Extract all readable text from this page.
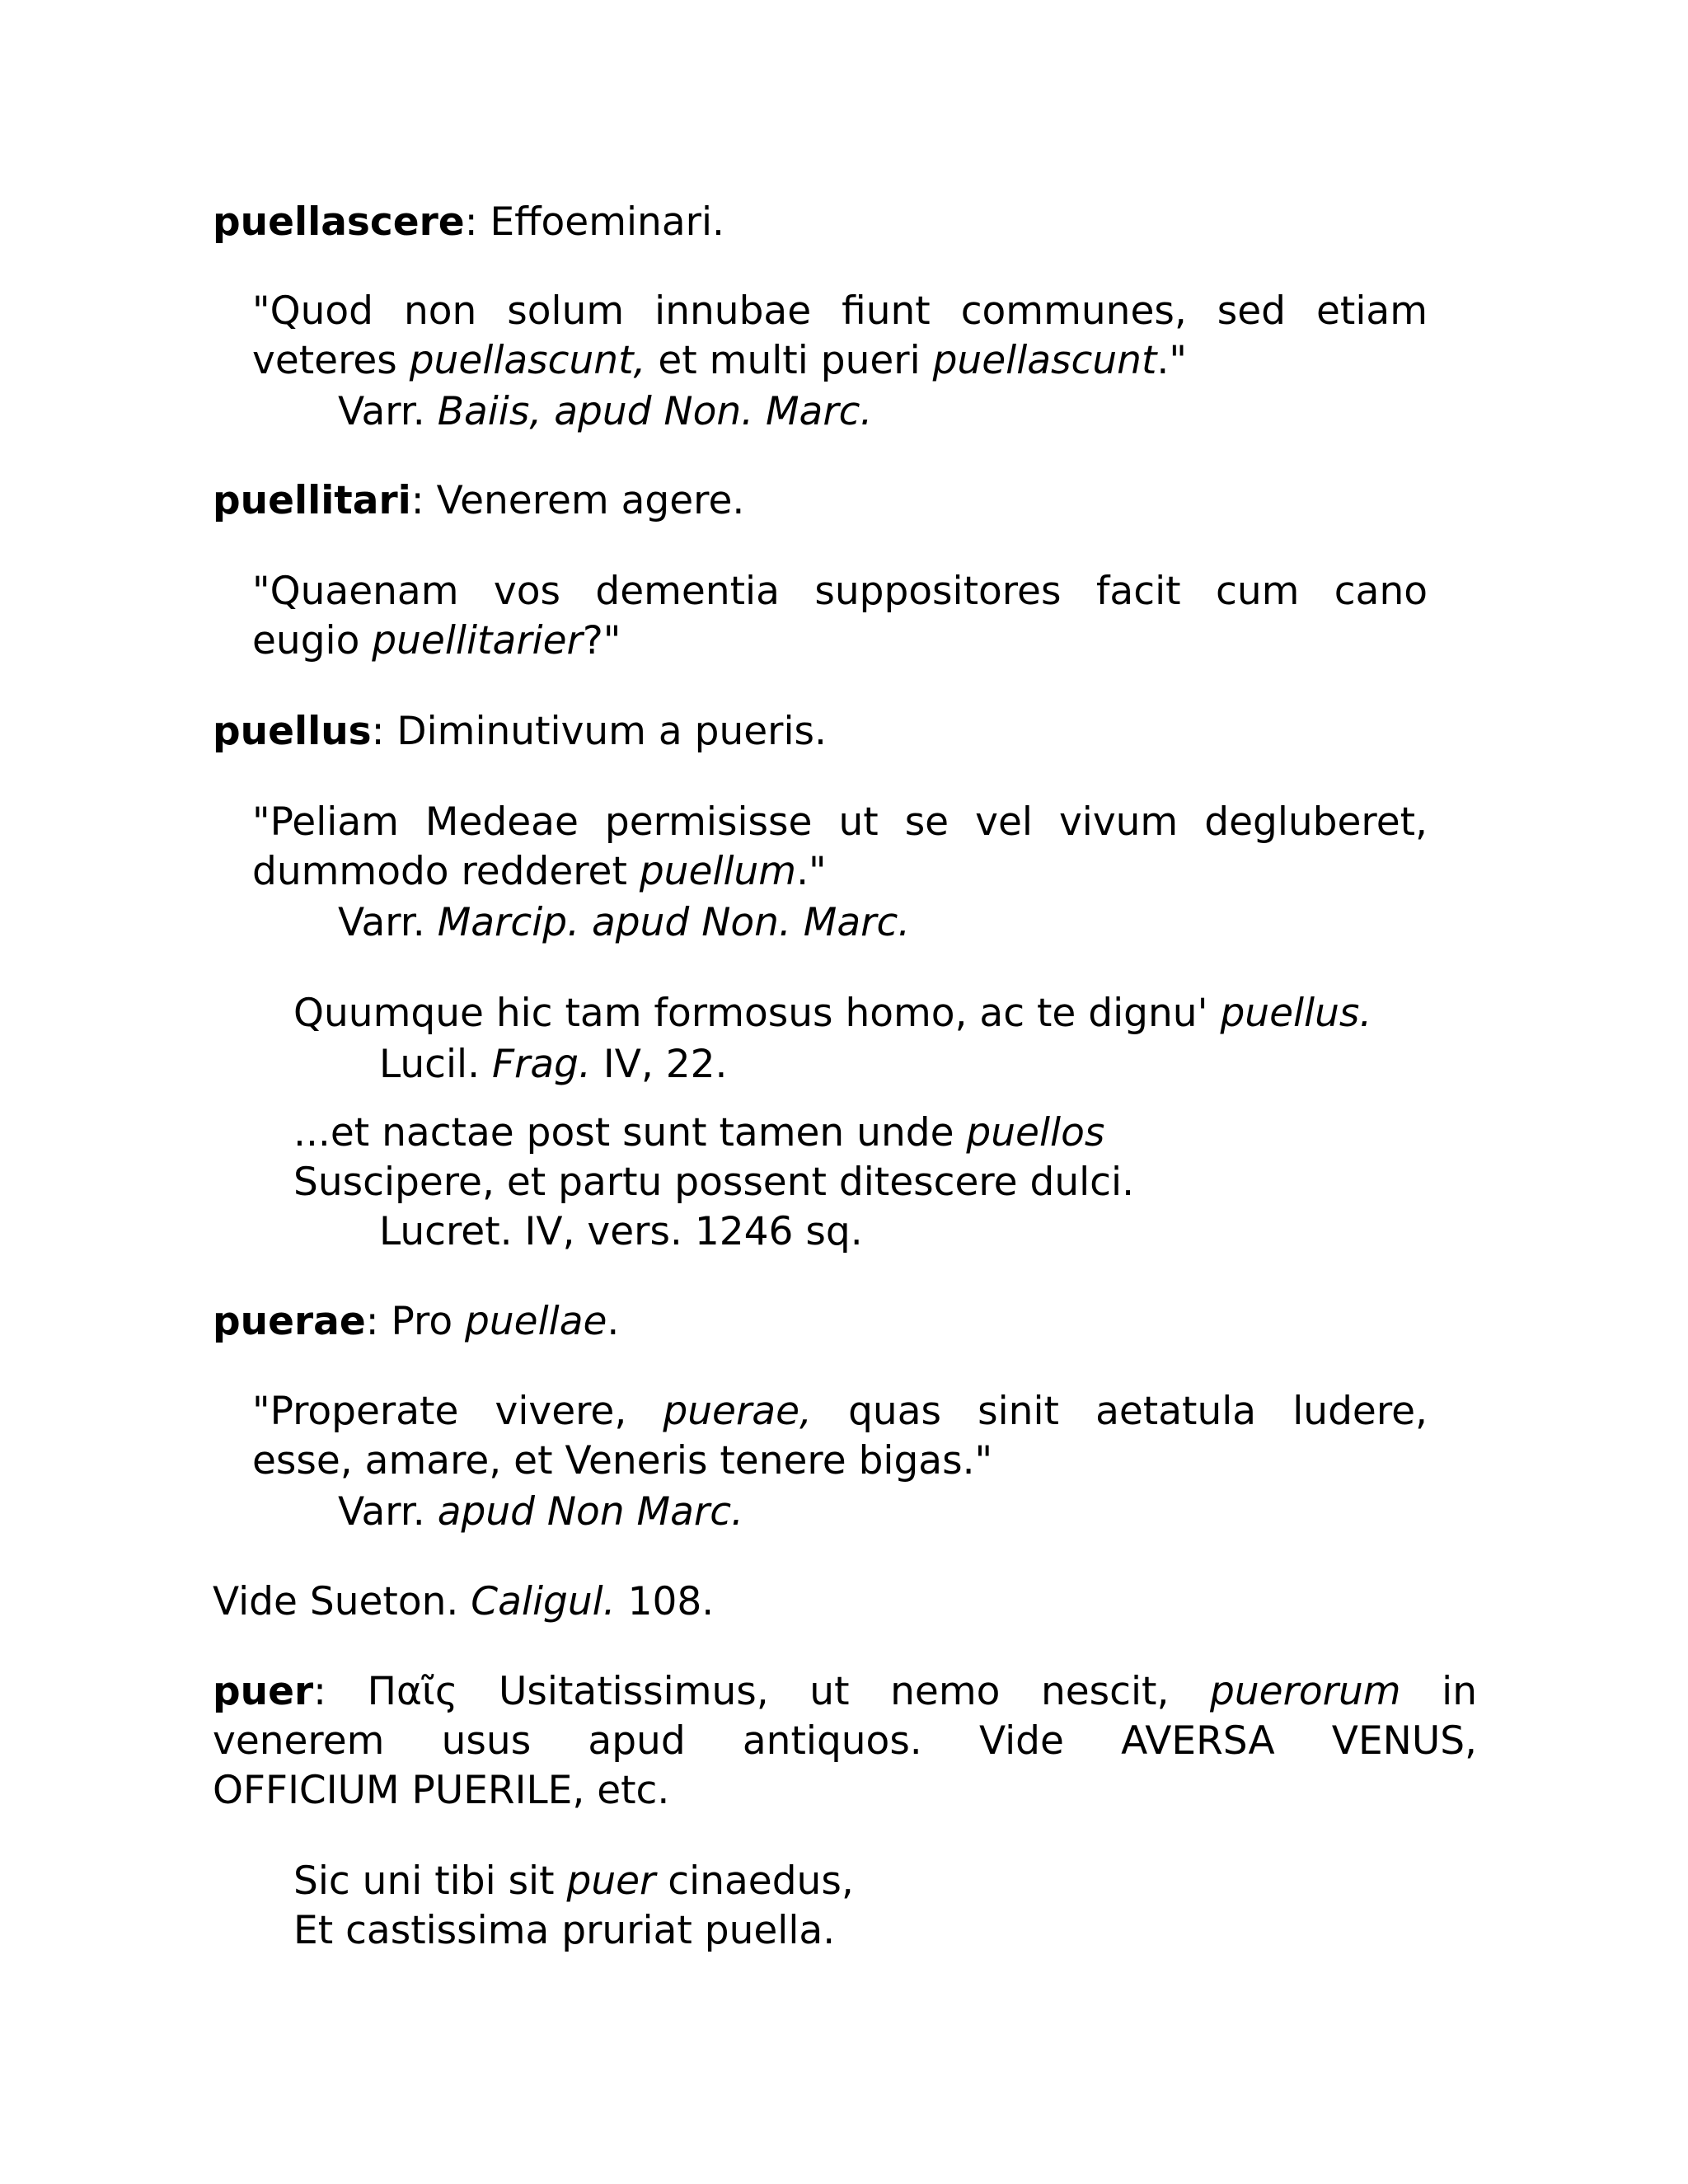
puellascere: Effoeminari.
"Quod non solum innubae fiunt communes, sed etiam
veteres puellascunt, et multi pueri puellascunt."
Varr. Baiis, apud Non. Marc.
puellitari: Venerem agere.
"Quaenam vos dementia suppositores facit cum cano
eugio puellitarier?"
puellus: Diminutivum a pueris.
"Peliam Medeae permisisse ut se vel vivum degluberet,
dummodo redderet puellum."
Varr. Marcip. apud Non. Marc.
Quumque hic tam formosus homo, ac te dignu' puellus.
Lucil. Frag. IV, 22.
...et nactae post sunt tamen unde puellos
Suscipere, et partu possent ditescere dulci.
Lucret. IV, vers. 1246 sq.
puerae: Pro puellae.
"Properate vivere, puerae, quas sinit aetatula ludere,
esse, amare, et Veneris tenere bigas."
Varr. apud Non Marc.
Vide Sueton. Caligul. 108.
puer: Παῖς Usitatissimus, ut nemo nescit, puerorum in
venerem usus apud antiquos. Vide AVERSA VENUS,
OFFICIUM PUERILE, etc.
Sic uni tibi sit puer cinaedus,
Et castissima pruriat puella.
